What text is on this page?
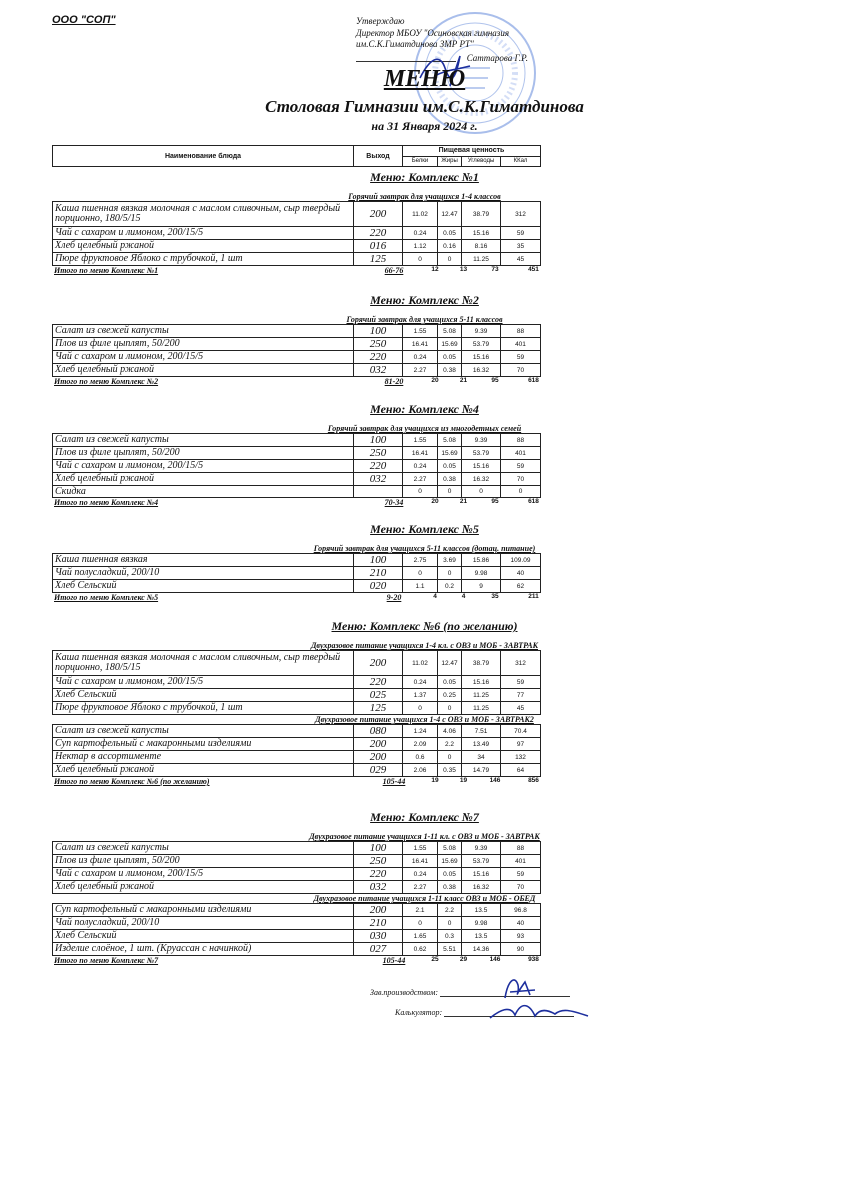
ООО "СОП"	Утверждаю
Директор МБОУ "Осиновская гимназия
им.С.К.Гиматдинова ЗМР РТ"
Саттарова Г.Р.
МЕНЮ
Столовая Гимназии им.С.К.Гиматдинова
на 31 Января 2024 г.
Наименование блюда	Выход	Пищевая ценность			
		Белки	Жиры	Углеводы	ККал
Меню: Комплекс №1
Горячий завтрак для учащихся 1-4 классов
Каша пшенная вязкая молочная с маслом сливочным, сыр твердый порционно, 180/5/15	200	11.02	12.47	38.79	312
Чай с сахаром и лимоном, 200/15/5	220	0.24	0.05	15.16	59
Хлеб целебный ржаной	016	1.12	0.16	8.16	35
Пюре фруктовое Яблоко с трубочкой, 1 шт	125	0	0	11.25	45
Итого по меню Комплекс №1	66-76	12	13	73	451
Меню: Комплекс №2
Горячий завтрак для учащихся 5-11 классов
Салат из свежей капусты	100	1.55	5.08	9.39	88
Плов из филе цыплят, 50/200	250	16.41	15.69	53.79	401
Чай с сахаром и лимоном, 200/15/5	220	0.24	0.05	15.16	59
Хлеб целебный ржаной	032	2.27	0.38	16.32	70
Итого по меню Комплекс №2	81-20	20	21	95	618
Меню: Комплекс №4
Горячий завтрак для учащихся из многодетных семей
Салат из свежей капусты	100	1.55	5.08	9.39	88
Плов из филе цыплят, 50/200	250	16.41	15.69	53.79	401
Чай с сахаром и лимоном, 200/15/5	220	0.24	0.05	15.16	59
Хлеб целебный ржаной	032	2.27	0.38	16.32	70
Скидка		0	0	0	0
Итого по меню Комплекс №4	70-34	20	21	95	618
Меню: Комплекс №5
Горячий завтрак для учащихся 5-11 классов (дотац. питание)
Каша пшенная вязкая	100	2.75	3.69	15.86	109.09
Чай полусладкий, 200/10	210	0	0	9.98	40
Хлеб Сельский	020	1.1	0.2	9	62
Итого по меню Комплекс №5	9-20	4	4	35	211
Меню: Комплекс №6 (по желанию)
Двухразовое питание учащихся 1-4 кл. с ОВЗ и МОБ - ЗАВТРАК
Каша пшенная вязкая молочная с маслом сливочным, сыр твердый порционно, 180/5/15	200	11.02	12.47	38.79	312
Чай с сахаром и лимоном, 200/15/5	220	0.24	0.05	15.16	59
Хлеб Сельский	025	1.37	0.25	11.25	77
Пюре фруктовое Яблоко с трубочкой, 1 шт	125	0	0	11.25	45
Двухразовое питание учащихся 1-4 с ОВЗ и МОБ - ЗАВТРАК2
Салат из свежей капусты	080	1.24	4.06	7.51	70.4
Суп картофельный с макаронными изделиями	200	2.09	2.2	13.49	97
Нектар в ассортименте	200	0.6	0	34	132
Хлеб целебный ржаной	029	2.06	0.35	14.79	64
Итого по меню Комплекс №6 (по желанию)	105-44	19	19	146	856
Меню: Комплекс №7
Двухразовое питание учащихся 1-11 кл. с ОВЗ и МОБ - ЗАВТРАК
Салат из свежей капусты	100	1.55	5.08	9.39	88
Плов из филе цыплят, 50/200	250	16.41	15.69	53.79	401
Чай с сахаром и лимоном, 200/15/5	220	0.24	0.05	15.16	59
Хлеб целебный ржаной	032	2.27	0.38	16.32	70
Двухразовое питание учащихся 1-11 класс ОВЗ и МОБ - ОБЕД
Суп картофельный с макаронными изделиями	200	2.1	2.2	13.5	96.8
Чай полусладкий, 200/10	210	0	0	9.98	40
Хлеб Сельский	030	1.65	0.3	13.5	93
Изделие слоёное, 1 шт. (Круассан с начинкой)	027	0.62	5.51	14.36	90
Итого по меню Комплекс №7	105-44	25	29	146	938
Зав.производством:
Калькулятор:
